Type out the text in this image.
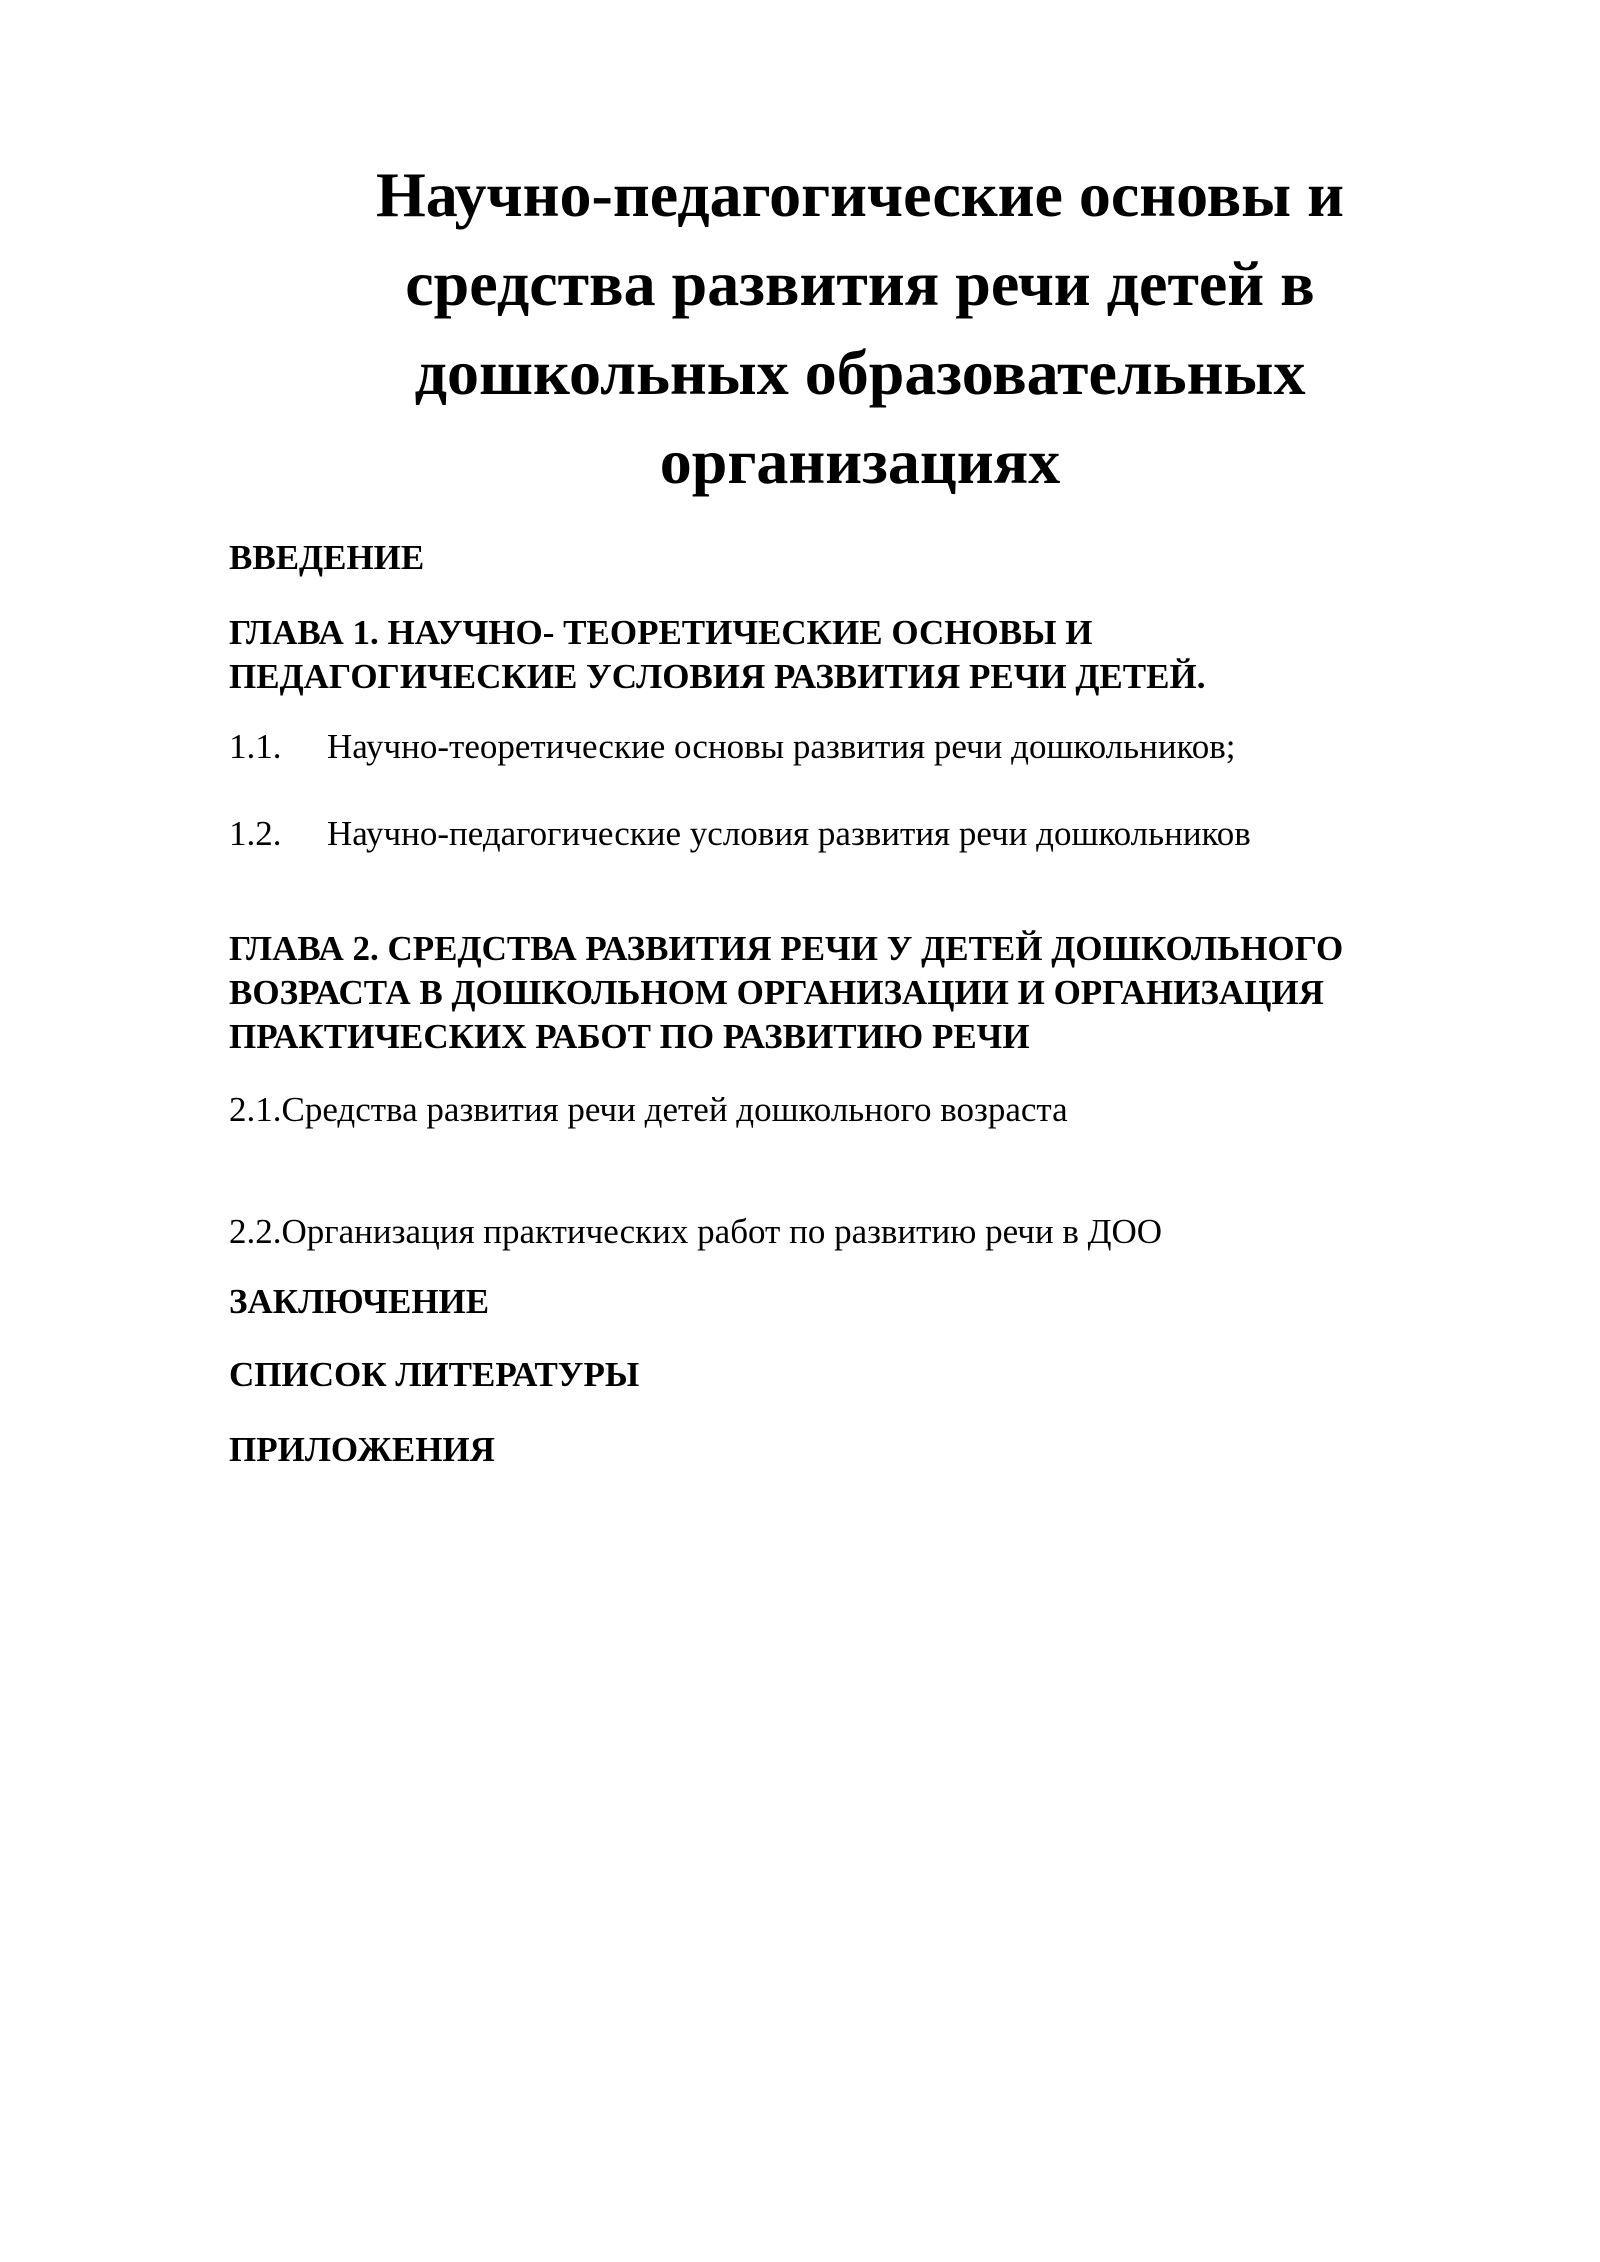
Научно-педагогические основы и
средства развития речи детей в
дошкольных образовательных
организациях

ВВЕДЕНИЕ

ГЛАВА 1. НАУЧНО- ТЕОРЕТИЧЕСКИЕ ОСНОВЫ И
ПЕДАГОГИЧЕСКИЕ УСЛОВИЯ РАЗВИТИЯ РЕЧИ ДЕТЕЙ.

1.1. Научно-теоретические основы развития речи дошкольников;

1.2. Научно-педагогические условия развития речи дошкольников

ГЛАВА 2. СРЕДСТВА РАЗВИТИЯ РЕЧИ У ДЕТЕЙ ДОШКОЛЬНОГО
ВОЗРАСТА В ДОШКОЛЬНОМ ОРГАНИЗАЦИИ И ОРГАНИЗАЦИЯ
ПРАКТИЧЕСКИХ РАБОТ ПО РАЗВИТИЮ РЕЧИ

2.1.Средства развития речи детей дошкольного возраста

2.2.Организация практических работ по развитию речи в ДОО

ЗАКЛЮЧЕНИЕ

СПИСОК ЛИТЕРАТУРЫ

ПРИЛОЖЕНИЯ
